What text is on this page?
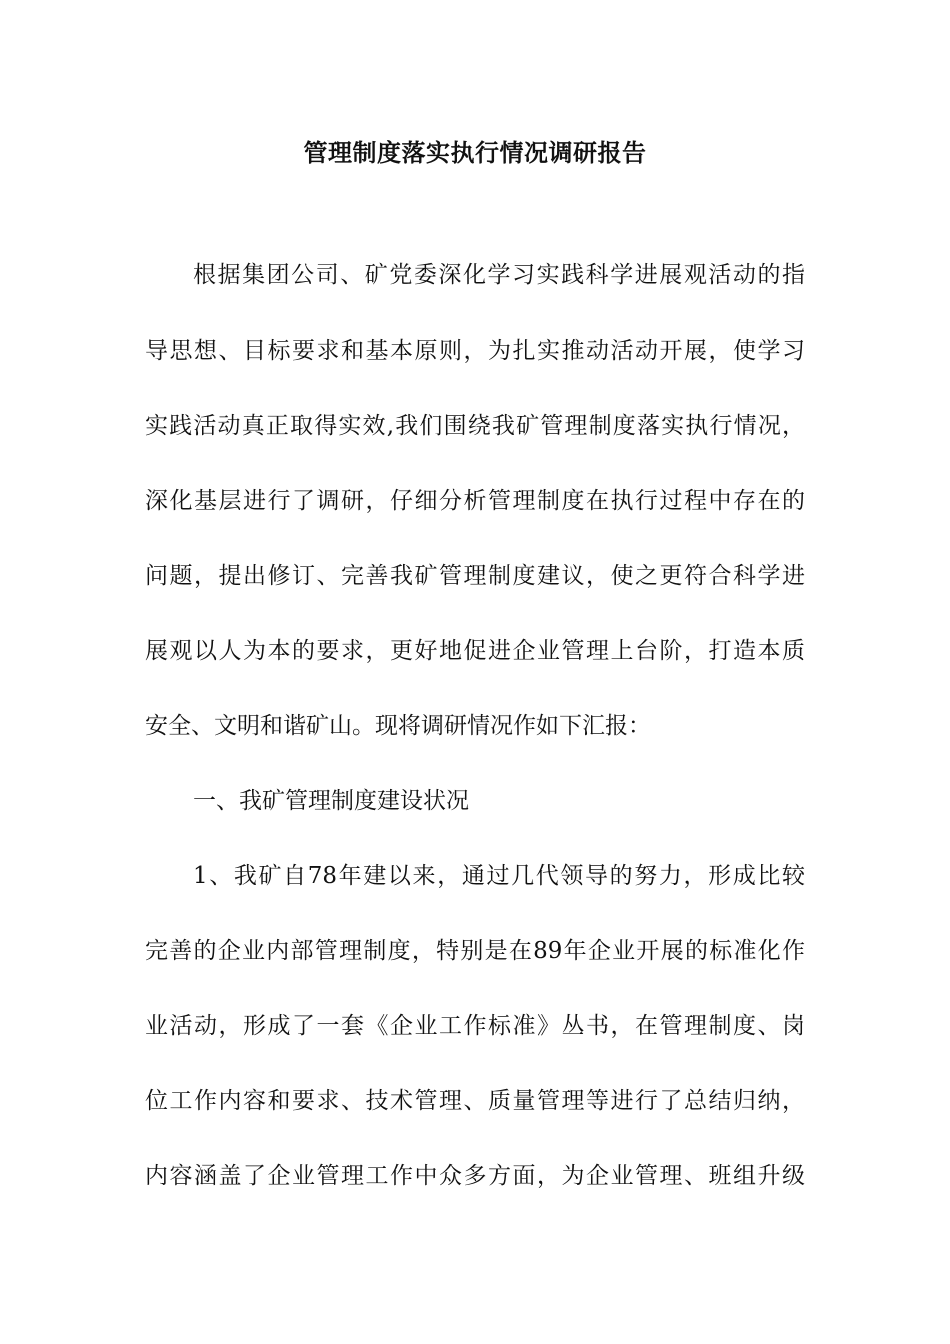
管理制度落实执行情况调研报告
根据集团公司、矿党委深化学习实践科学进展观活动的指
导思想、目标要求和基本原则，为扎实推动活动开展，使学习
实践活动真正取得实效,我们围绕我矿管理制度落实执行情况，
深化基层进行了调研，仔细分析管理制度在执行过程中存在的
问题，提出修订、完善我矿管理制度建议，使之更符合科学进
展观以人为本的要求，更好地促进企业管理上台阶，打造本质
安全、文明和谐矿山。现将调研情况作如下汇报：
一、我矿管理制度建设状况
1、我矿自78年建以来，通过几代领导的努力，形成比较
完善的企业内部管理制度，特别是在89年企业开展的标准化作
业活动，形成了一套《企业工作标准》丛书，在管理制度、岗
位工作内容和要求、技术管理、质量管理等进行了总结归纳，
内容涵盖了企业管理工作中众多方面，为企业管理、班组升级
